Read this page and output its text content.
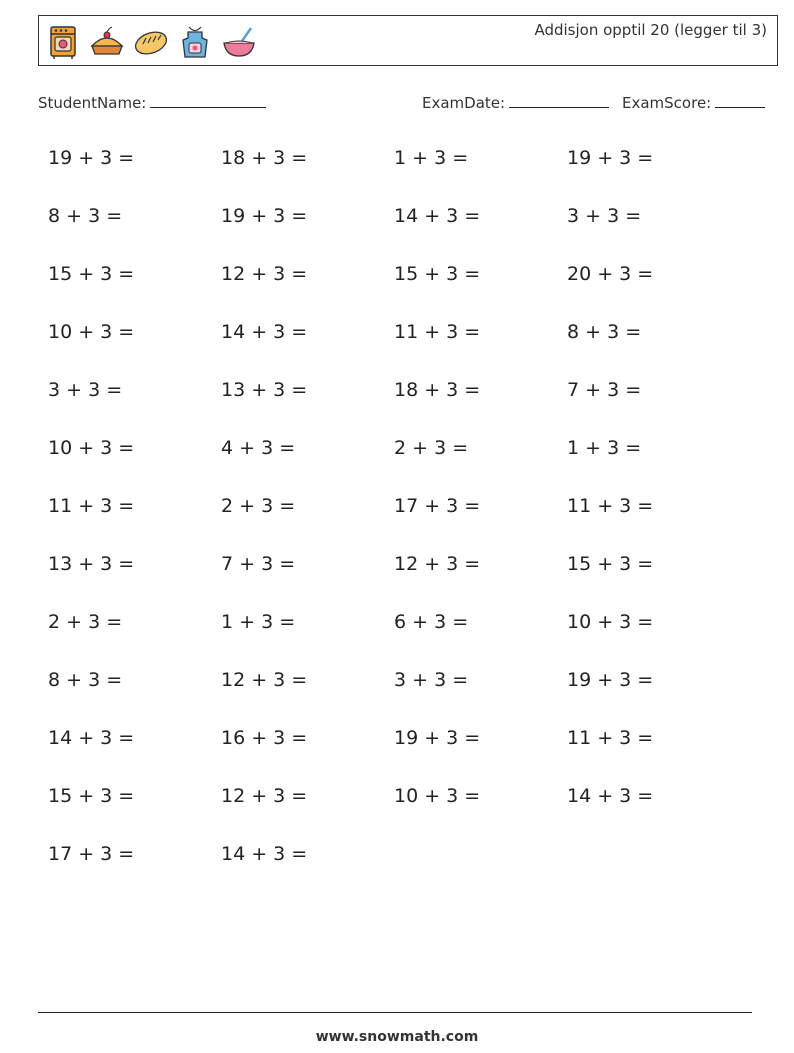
Addisjon opptil 20 (legger til 3)
StudentName:	ExamDate:	ExamScore:
19 + 3 =	18 + 3 =	1 + 3 =	19 + 3 =
8 + 3 =	19 + 3 =	14 + 3 =	3 + 3 =
15 + 3 =	12 + 3 =	15 + 3 =	20 + 3 =
10 + 3 =	14 + 3 =	11 + 3 =	8 + 3 =
3 + 3 =	13 + 3 =	18 + 3 =	7 + 3 =
10 + 3 =	4 + 3 =	2 + 3 =	1 + 3 =
11 + 3 =	2 + 3 =	17 + 3 =	11 + 3 =
13 + 3 =	7 + 3 =	12 + 3 =	15 + 3 =
2 + 3 =	1 + 3 =	6 + 3 =	10 + 3 =
8 + 3 =	12 + 3 =	3 + 3 =	19 + 3 =
14 + 3 =	16 + 3 =	19 + 3 =	11 + 3 =
15 + 3 =	12 + 3 =	10 + 3 =	14 + 3 =
17 + 3 =	14 + 3 =
www.snowmath.com
